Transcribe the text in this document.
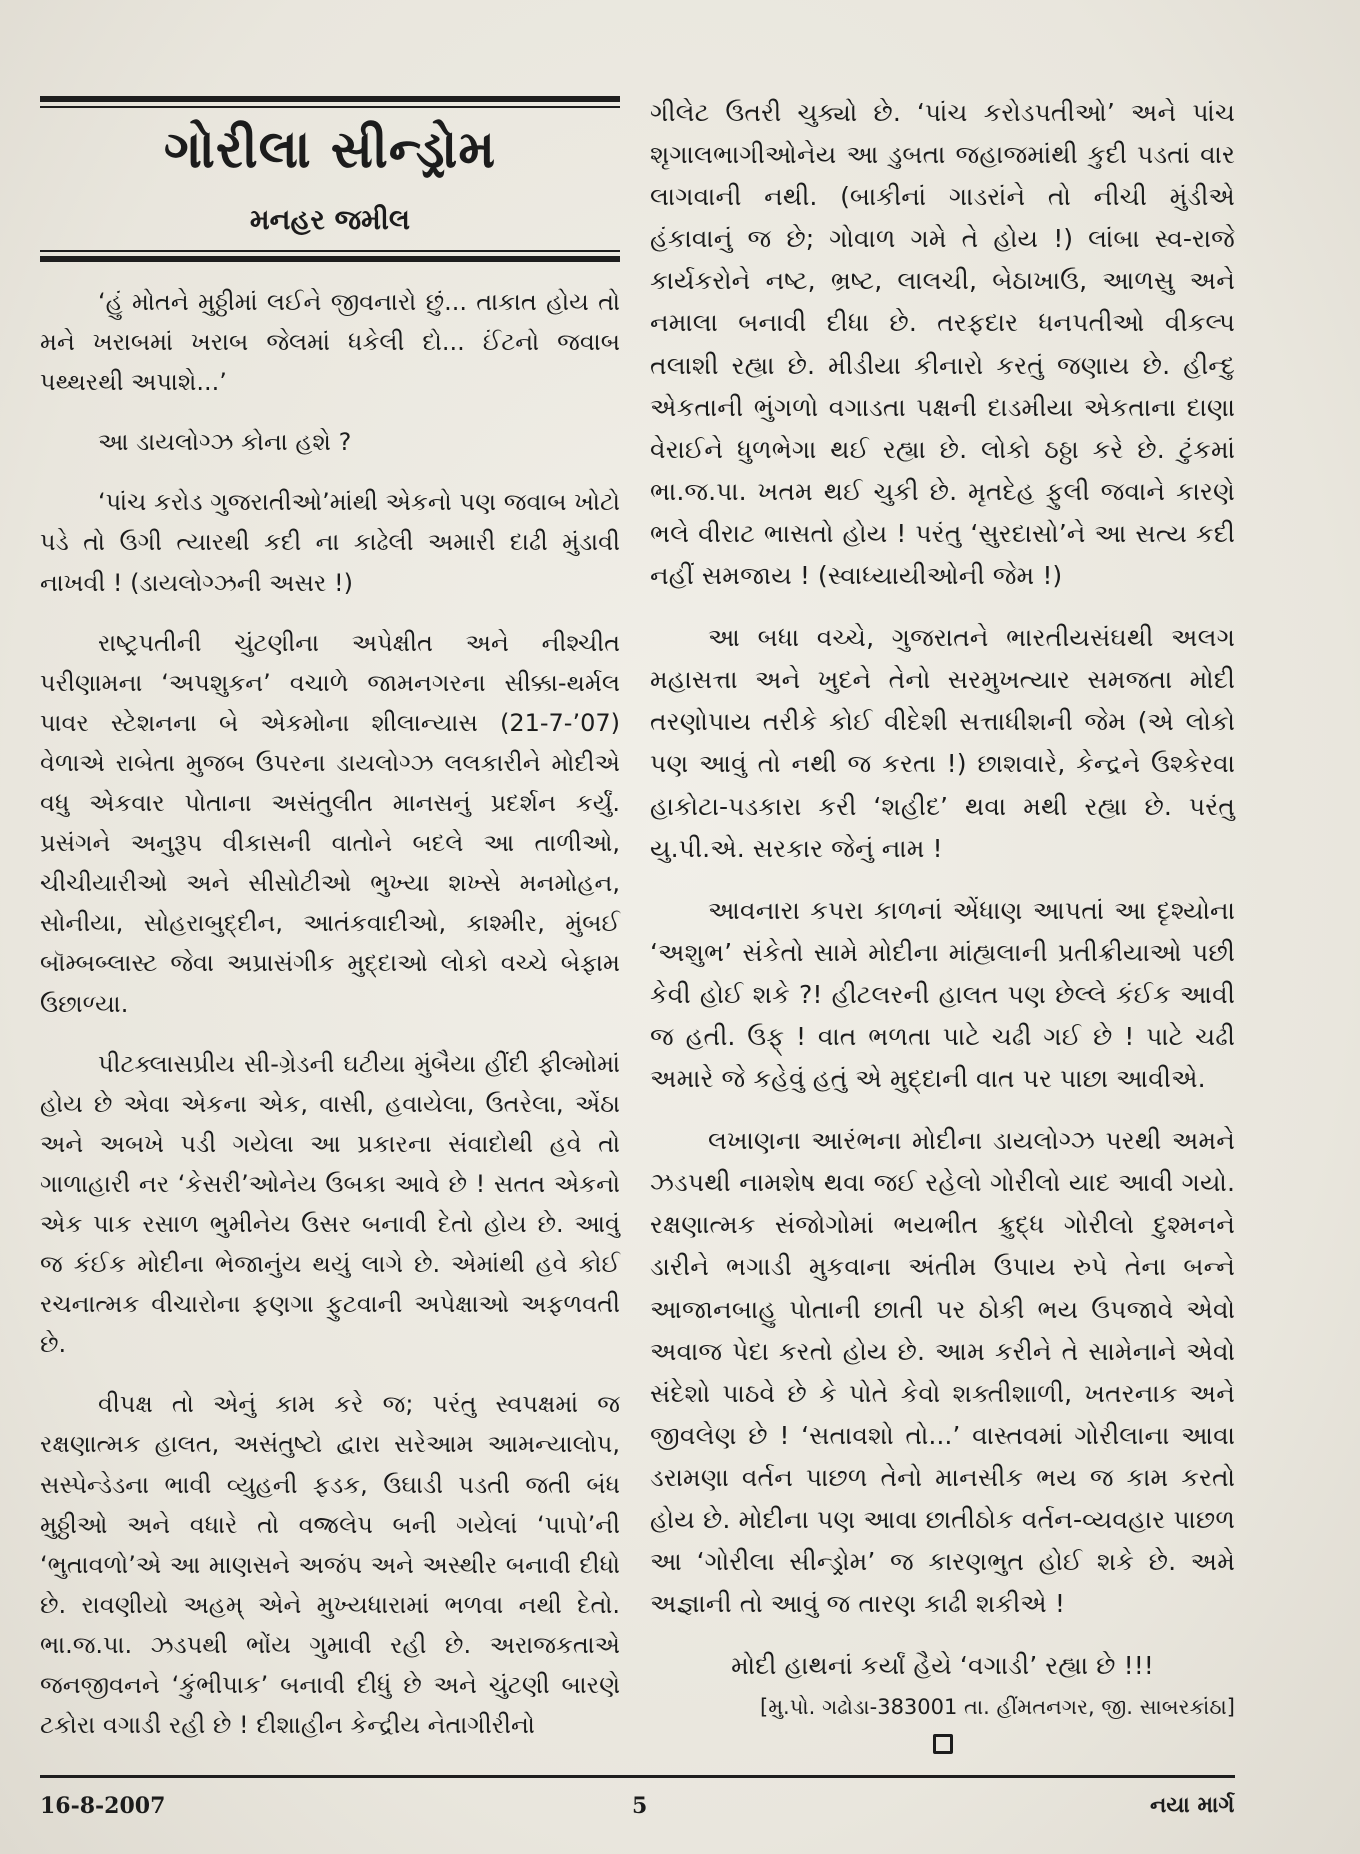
ગોરીલા સીન્ડ્રોમ
મનહર જમીલ

‘હું મોતને મુઠ્ઠીમાં લઈને જીવનારો છું... તાકાત હોય તો મને ખરાબમાં ખરાબ જેલમાં ધકેલી દો... ઈંટનો જવાબ પથ્થરથી અપાશે...’

આ ડાયલોગ્ઝ કોના હશે ?

‘પાંચ કરોડ ગુજરાતીઓ’માંથી એકનો પણ જવાબ ખોટો પડે તો ઉગી ત્યારથી કદી ના કાઢેલી અમારી દાઢી મુંડાવી નાખવી ! (ડાયલોગ્ઝની અસર !)

રાષ્ટ્રપતીની ચુંટણીના અપેક્ષીત અને નીશ્ચીત પરીણામના ‘અપશુકન’ વચાળે જામનગરના સીક્કા-થર્મલ પાવર સ્ટેશનના બે એકમોના શીલાન્યાસ (21-7-’07) વેળાએ રાબેતા મુજબ ઉપરના ડાયલોગ્ઝ લલકારીને મોદીએ વધુ એકવાર પોતાના અસંતુલીત માનસનું પ્રદર્શન કર્યું. પ્રસંગને અનુરૂપ વીકાસની વાતોને બદલે આ તાળીઓ, ચીચીયારીઓ અને સીસોટીઓ ભુખ્યા શખ્સે મનમોહન, સોનીયા, સોહરાબુદ્દીન, આતંકવાદીઓ, કાશ્મીર, મુંબઈ બૉમ્બબ્લાસ્ટ જેવા અપ્રાસંગીક મુદ્દાઓ લોકો વચ્ચે બેફામ ઉછાળ્યા.

પીટક્લાસપ્રીય સી-ગ્રેડની ઘટીયા મુંબૈયા હીંદી ફીલ્મોમાં હોય છે એવા એકના એક, વાસી, હવાયેલા, ઉતરેલા, એંઠા અને અબખે પડી ગયેલા આ પ્રકારના સંવાદોથી હવે તો ગાળાહારી નર ‘કેસરી’ઓનેય ઉબકા આવે છે ! સતત એકનો એક પાક રસાળ ભુમીનેય ઉસર બનાવી દેતો હોય છે. આવું જ કંઈક મોદીના ભેજાનુંય થયું લાગે છે. એમાંથી હવે કોઈ રચનાત્મક વીચારોના ફણગા ફુટવાની અપેક્ષાઓ અફળવતી છે.

વીપક્ષ તો એનું કામ કરે જ; પરંતુ સ્વપક્ષમાં જ રક્ષણાત્મક હાલત, અસંતુષ્ટો દ્વારા સરેઆમ આમન્યાલોપ, સસ્પેન્ડેડના ભાવી વ્યુહની ફડક, ઉઘાડી પડતી જતી બંધ મુઠ્ઠીઓ અને વધારે તો વજ્રલેપ બની ગયેલાં ‘પાપો’ની ‘ભુતાવળો’એ આ માણસને અજંપ અને અસ્થીર બનાવી દીધો છે. રાવણીયો અહમ્ એને મુખ્યધારામાં ભળવા નથી દેતો. ભા.જ.પા. ઝડપથી ભોંય ગુમાવી રહી છે. અરાજકતાએ જનજીવનને ‘કુંભીપાક’ બનાવી દીધું છે અને ચુંટણી બારણે ટકોરા વગાડી રહી છે ! દીશાહીન કેન્દ્રીય નેતાગીરીનો

ગીલેટ ઉતરી ચુક્યો છે. ‘પાંચ કરોડપતીઓ’ અને પાંચ શૃગાલભાગીઓનેય આ ડુબતા જહાજમાંથી કુદી પડતાં વાર લાગવાની નથી. (બાકીનાં ગાડરાંને તો નીચી મુંડીએ હંકાવાનું જ છે; ગોવાળ ગમે તે હોય !) લાંબા સ્વ-રાજે કાર્યકરોને નષ્ટ, ભ્રષ્ટ, લાલચી, બેઠાખાઉ, આળસુ અને નમાલા બનાવી દીધા છે. તરફદાર ધનપતીઓ વીકલ્પ તલાશી રહ્યા છે. મીડીયા કીનારો કરતું જણાય છે. હીન્દુ એકતાની ભુંગળો વગાડતા પક્ષની દાડમીયા એકતાના દાણા વેરાઈને ધુળભેગા થઈ રહ્યા છે. લોકો ઠઠ્ઠા કરે છે. ટુંકમાં ભા.જ.પા. ખતમ થઈ ચુકી છે. મૃતદેહ ફુલી જવાને કારણે ભલે વીરાટ ભાસતો હોય ! પરંતુ ‘સુરદાસો’ને આ સત્ય કદી નહીં સમજાય ! (સ્વાધ્યાયીઓની જેમ !)

આ બધા વચ્ચે, ગુજરાતને ભારતીયસંઘથી અલગ મહાસત્તા અને ખુદને તેનો સરમુખત્યાર સમજતા મોદી તરણોપાય તરીકે કોઈ વીદેશી સત્તાધીશની જેમ (એ લોકો પણ આવું તો નથી જ કરતા !) છાશવારે, કેન્દ્રને ઉશ્કેરવા હાકોટા-પડકારા કરી ‘શહીદ’ થવા મથી રહ્યા છે. પરંતુ યુ.પી.એ. સરકાર જેનું નામ !

આવનારા કપરા કાળનાં એંધાણ આપતાં આ દૃશ્યોના ‘અશુભ’ સંકેતો સામે મોદીના માંહ્યલાની પ્રતીક્રીયાઓ પછી કેવી હોઈ શકે ?! હીટલરની હાલત પણ છેલ્લે કંઈક આવી જ હતી. ઉફ્ ! વાત ભળતા પાટે ચઢી ગઈ છે ! પાટે ચઢી અમારે જે કહેવું હતું એ મુદ્દાની વાત પર પાછા આવીએ.

લખાણના આરંભના મોદીના ડાયલોગ્ઝ પરથી અમને ઝડપથી નામશેષ થવા જઈ રહેલો ગોરીલો યાદ આવી ગયો. રક્ષણાત્મક સંજોગોમાં ભયભીત ક્રુદ્ધ ગોરીલો દુશ્મનને ડારીને ભગાડી મુકવાના અંતીમ ઉપાય રુપે તેના બન્ને આજાનબાહુ પોતાની છાતી પર ઠોકી ભય ઉપજાવે એવો અવાજ પેદા કરતો હોય છે. આમ કરીને તે સામેનાને એવો સંદેશો પાઠવે છે કે પોતે કેવો શક્તીશાળી, ખતરનાક અને જીવલેણ છે ! ‘સતાવશો તો...’ વાસ્તવમાં ગોરીલાના આવા ડરામણા વર્તન પાછળ તેનો માનસીક ભય જ કામ કરતો હોય છે. મોદીના પણ આવા છાતીઠોક વર્તન-વ્યવહાર પાછળ આ ‘ગોરીલા સીન્ડ્રોમ’ જ કારણભુત હોઈ શકે છે. અમે અજ્ઞાની તો આવું જ તારણ કાઢી શકીએ !

મોદી હાથનાં કર્યાં હૈયે ‘વગાડી’ રહ્યા છે !!!
[મુ.પો. ગઢોડા-383001 તા. હીંમતનગર, જી. સાબરકાંઠા]
16-8-2007	5	નયા માર્ગ
